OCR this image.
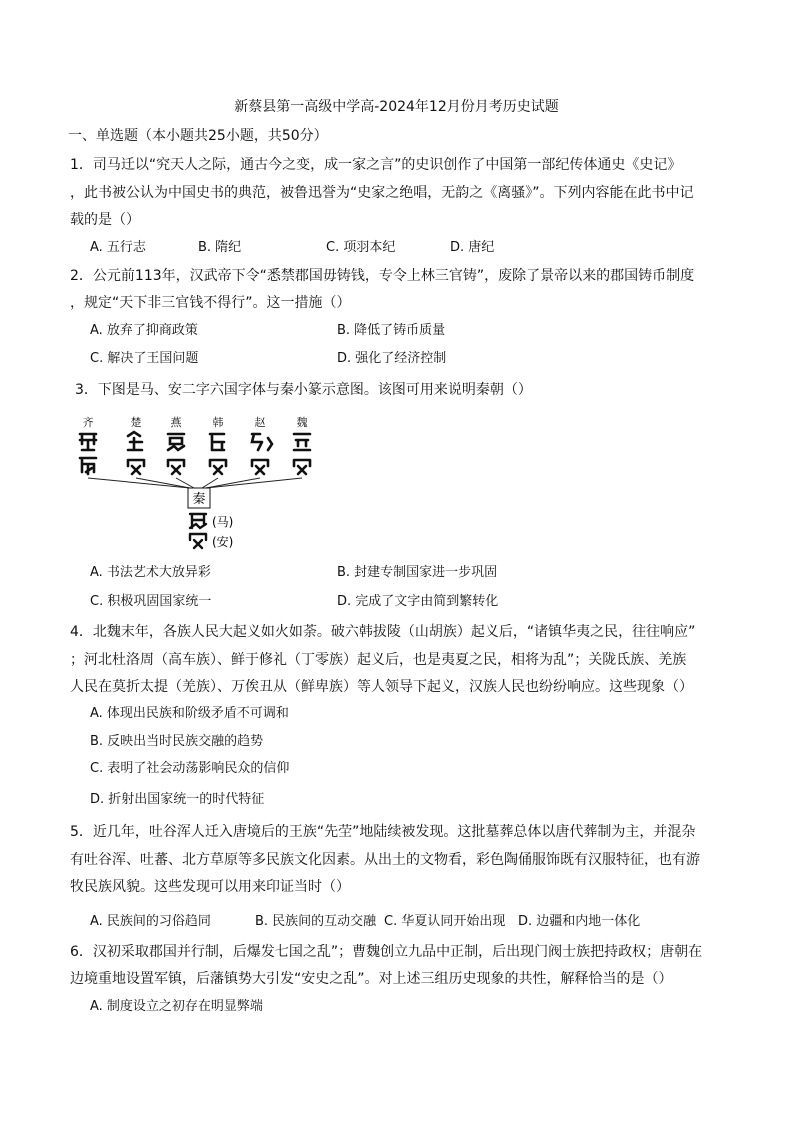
新蔡县第一高级中学高-2024年12月份月考历史试题
一、单选题（本小题共25小题，共50分）
1．司马迁以“究天人之际，通古今之变，成一家之言”的史识创作了中国第一部纪传体通史《史记》
，此书被公认为中国史书的典范，被鲁迅誉为“史家之绝唱，无韵之《离骚》”。下列内容能在此书中记
载的是（）
A. 五行志	B. 隋纪	C. 项羽本纪	D. 唐纪
2．公元前113年，汉武帝下令“悉禁郡国毋铸钱，专令上林三官铸”，废除了景帝以来的郡国铸币制度
，规定“天下非三官钱不得行”。这一措施（）
A. 放弃了抑商政策	B. 降低了铸币质量
C. 解决了王国问题	D. 强化了经济控制
3．下图是马、安二字六国字体与秦小篆示意图。该图可用来说明秦朝（）
齐	楚	燕	韩	赵	魏
秦
(马)
(安)
A. 书法艺术大放异彩	B. 封建专制国家进一步巩固
C. 积极巩固国家统一	D. 完成了文字由简到繁转化
4．北魏末年，各族人民大起义如火如荼。破六韩拔陵（山胡族）起义后，“诸镇华夷之民，往往响应”
；河北杜洛周（高车族）、鲜于修礼（丁零族）起义后，也是夷夏之民，相将为乱”；关陇氐族、羌族
人民在莫折太提（羌族）、万俟丑从（鲜卑族）等人领导下起义，汉族人民也纷纷响应。这些现象（）
A. 体现出民族和阶级矛盾不可调和
B. 反映出当时民族交融的趋势
C. 表明了社会动荡影响民众的信仰
D. 折射出国家统一的时代特征
5．近几年，吐谷浑人迁入唐境后的王族“先茔”地陆续被发现。这批墓葬总体以唐代葬制为主，并混杂
有吐谷浑、吐蕃、北方草原等多民族文化因素。从出土的文物看，彩色陶俑服饰既有汉服特征，也有游
牧民族风貌。这些发现可以用来印证当时（）
A. 民族间的习俗趋同	B. 民族间的互动交融 C. 华夏认同开始出现 D. 边疆和内地一体化
6．汉初采取郡国并行制，后爆发七国之乱”；曹魏创立九品中正制，后出现门阀士族把持政权；唐朝在
边境重地设置军镇，后藩镇势大引发“安史之乱”。对上述三组历史现象的共性，解释恰当的是（）
A. 制度设立之初存在明显弊端
